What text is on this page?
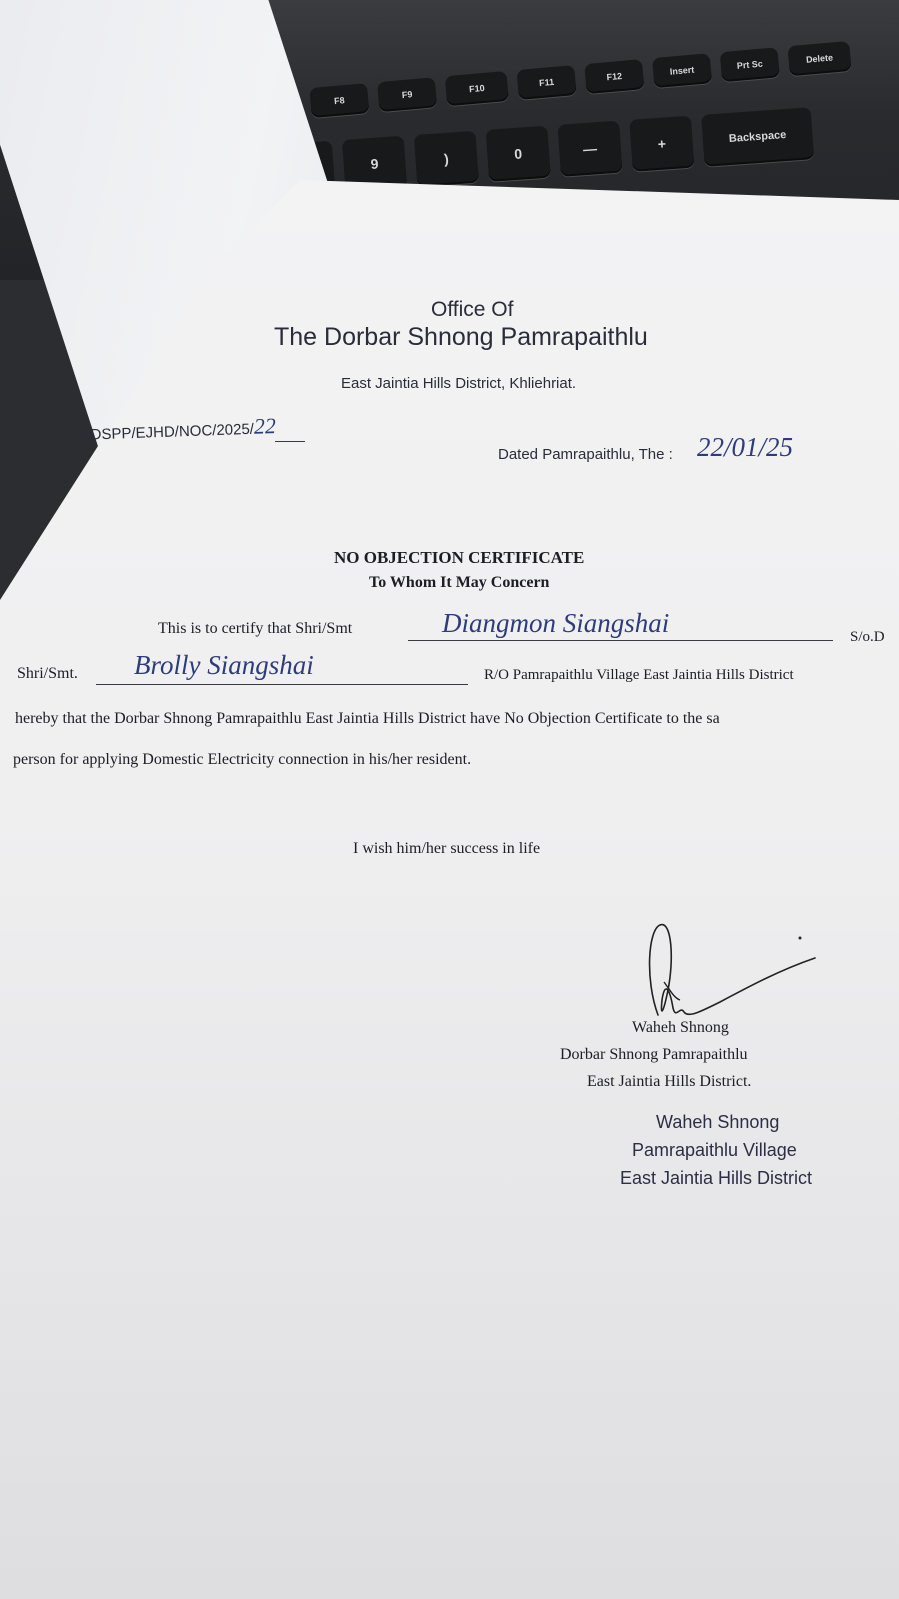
F8
F9
F10
F11
F12	Insert	Prt Sc	Delete
9	)	0	—	+	Backspace
Office Of
The Dorbar Shnong Pamrapaithlu
East Jaintia Hills District, Khliehriat.
No.DSPP/EJHD/NOC/2025/22
Dated Pamrapaithlu, The : 22/01/25
NO OBJECTION CERTIFICATE
To Whom It May Concern
This is to certify that Shri/Smt	Diangmon Siangshai	S/o.D
Shri/Smt. Brolly Siangshai	R/O Pamrapaithlu Village East Jaintia Hills District
hereby that the Dorbar Shnong Pamrapaithlu East Jaintia Hills District have No Objection Certificate to the sa
person for applying Domestic Electricity connection in his/her resident.
I wish him/her success in life
Waheh Shnong
Dorbar Shnong Pamrapaithlu
East Jaintia Hills District.
Waheh Shnong
Pamrapaithlu Village
East Jaintia Hills District
